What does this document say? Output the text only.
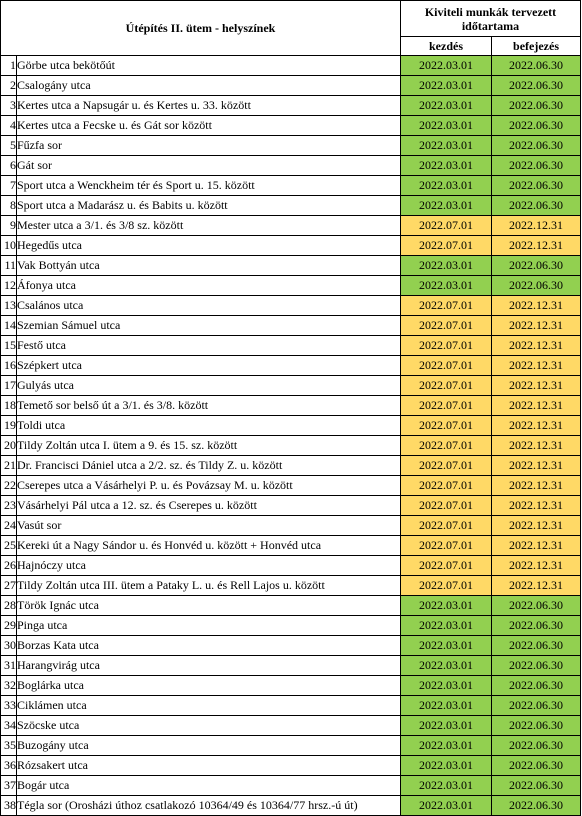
Útépítés II. ütem - helyszínek		Kiviteli munkák tervezett
időtartama	
		kezdés	befejezés
1	Görbe utca bekötőút	2022.03.01	2022.06.30
2	Csalogány utca	2022.03.01	2022.06.30
3	Kertes utca a Napsugár u. és Kertes u. 33. között	2022.03.01	2022.06.30
4	Kertes utca a Fecske u. és Gát sor között	2022.03.01	2022.06.30
5	Fűzfa sor	2022.03.01	2022.06.30
6	Gát sor	2022.03.01	2022.06.30
7	Sport utca a Wenckheim tér és Sport u. 15. között	2022.03.01	2022.06.30
8	Sport utca a Madarász u. és Babits u. között	2022.03.01	2022.06.30
9	Mester utca a 3/1. és 3/8 sz. között	2022.07.01	2022.12.31
10	Hegedűs utca	2022.07.01	2022.12.31
11	Vak Bottyán utca	2022.03.01	2022.06.30
12	Áfonya utca	2022.03.01	2022.06.30
13	Csalános utca	2022.07.01	2022.12.31
14	Szemian Sámuel utca	2022.07.01	2022.12.31
15	Festő utca	2022.07.01	2022.12.31
16	Szépkert utca	2022.07.01	2022.12.31
17	Gulyás utca	2022.07.01	2022.12.31
18	Temető sor belső út a 3/1. és 3/8. között	2022.07.01	2022.12.31
19	Toldi utca	2022.07.01	2022.12.31
20	Tildy Zoltán utca I. ütem a 9. és 15. sz. között	2022.07.01	2022.12.31
21	Dr. Francisci Dániel utca a 2/2. sz. és Tildy Z. u. között	2022.07.01	2022.12.31
22	Cserepes utca a Vásárhelyi P. u. és Povázsay M. u. között	2022.07.01	2022.12.31
23	Vásárhelyi Pál utca a 12. sz. és Cserepes u. között	2022.07.01	2022.12.31
24	Vasút sor	2022.07.01	2022.12.31
25	Kereki út a Nagy Sándor u. és Honvéd u. között + Honvéd utca	2022.07.01	2022.12.31
26	Hajnóczy utca	2022.07.01	2022.12.31
27	Tildy Zoltán utca III. ütem a Pataky L. u. és Rell Lajos u. között	2022.07.01	2022.12.31
28	Török Ignác utca	2022.03.01	2022.06.30
29	Pinga utca	2022.03.01	2022.06.30
30	Borzas Kata utca	2022.03.01	2022.06.30
31	Harangvirág utca	2022.03.01	2022.06.30
32	Boglárka utca	2022.03.01	2022.06.30
33	Ciklámen utca	2022.03.01	2022.06.30
34	Szöcske utca	2022.03.01	2022.06.30
35	Buzogány utca	2022.03.01	2022.06.30
36	Rózsakert utca	2022.03.01	2022.06.30
37	Bogár utca	2022.03.01	2022.06.30
38	Tégla sor (Orosházi úthoz csatlakozó 10364/49 és 10364/77 hrsz.-ú út)	2022.03.01	2022.06.30
